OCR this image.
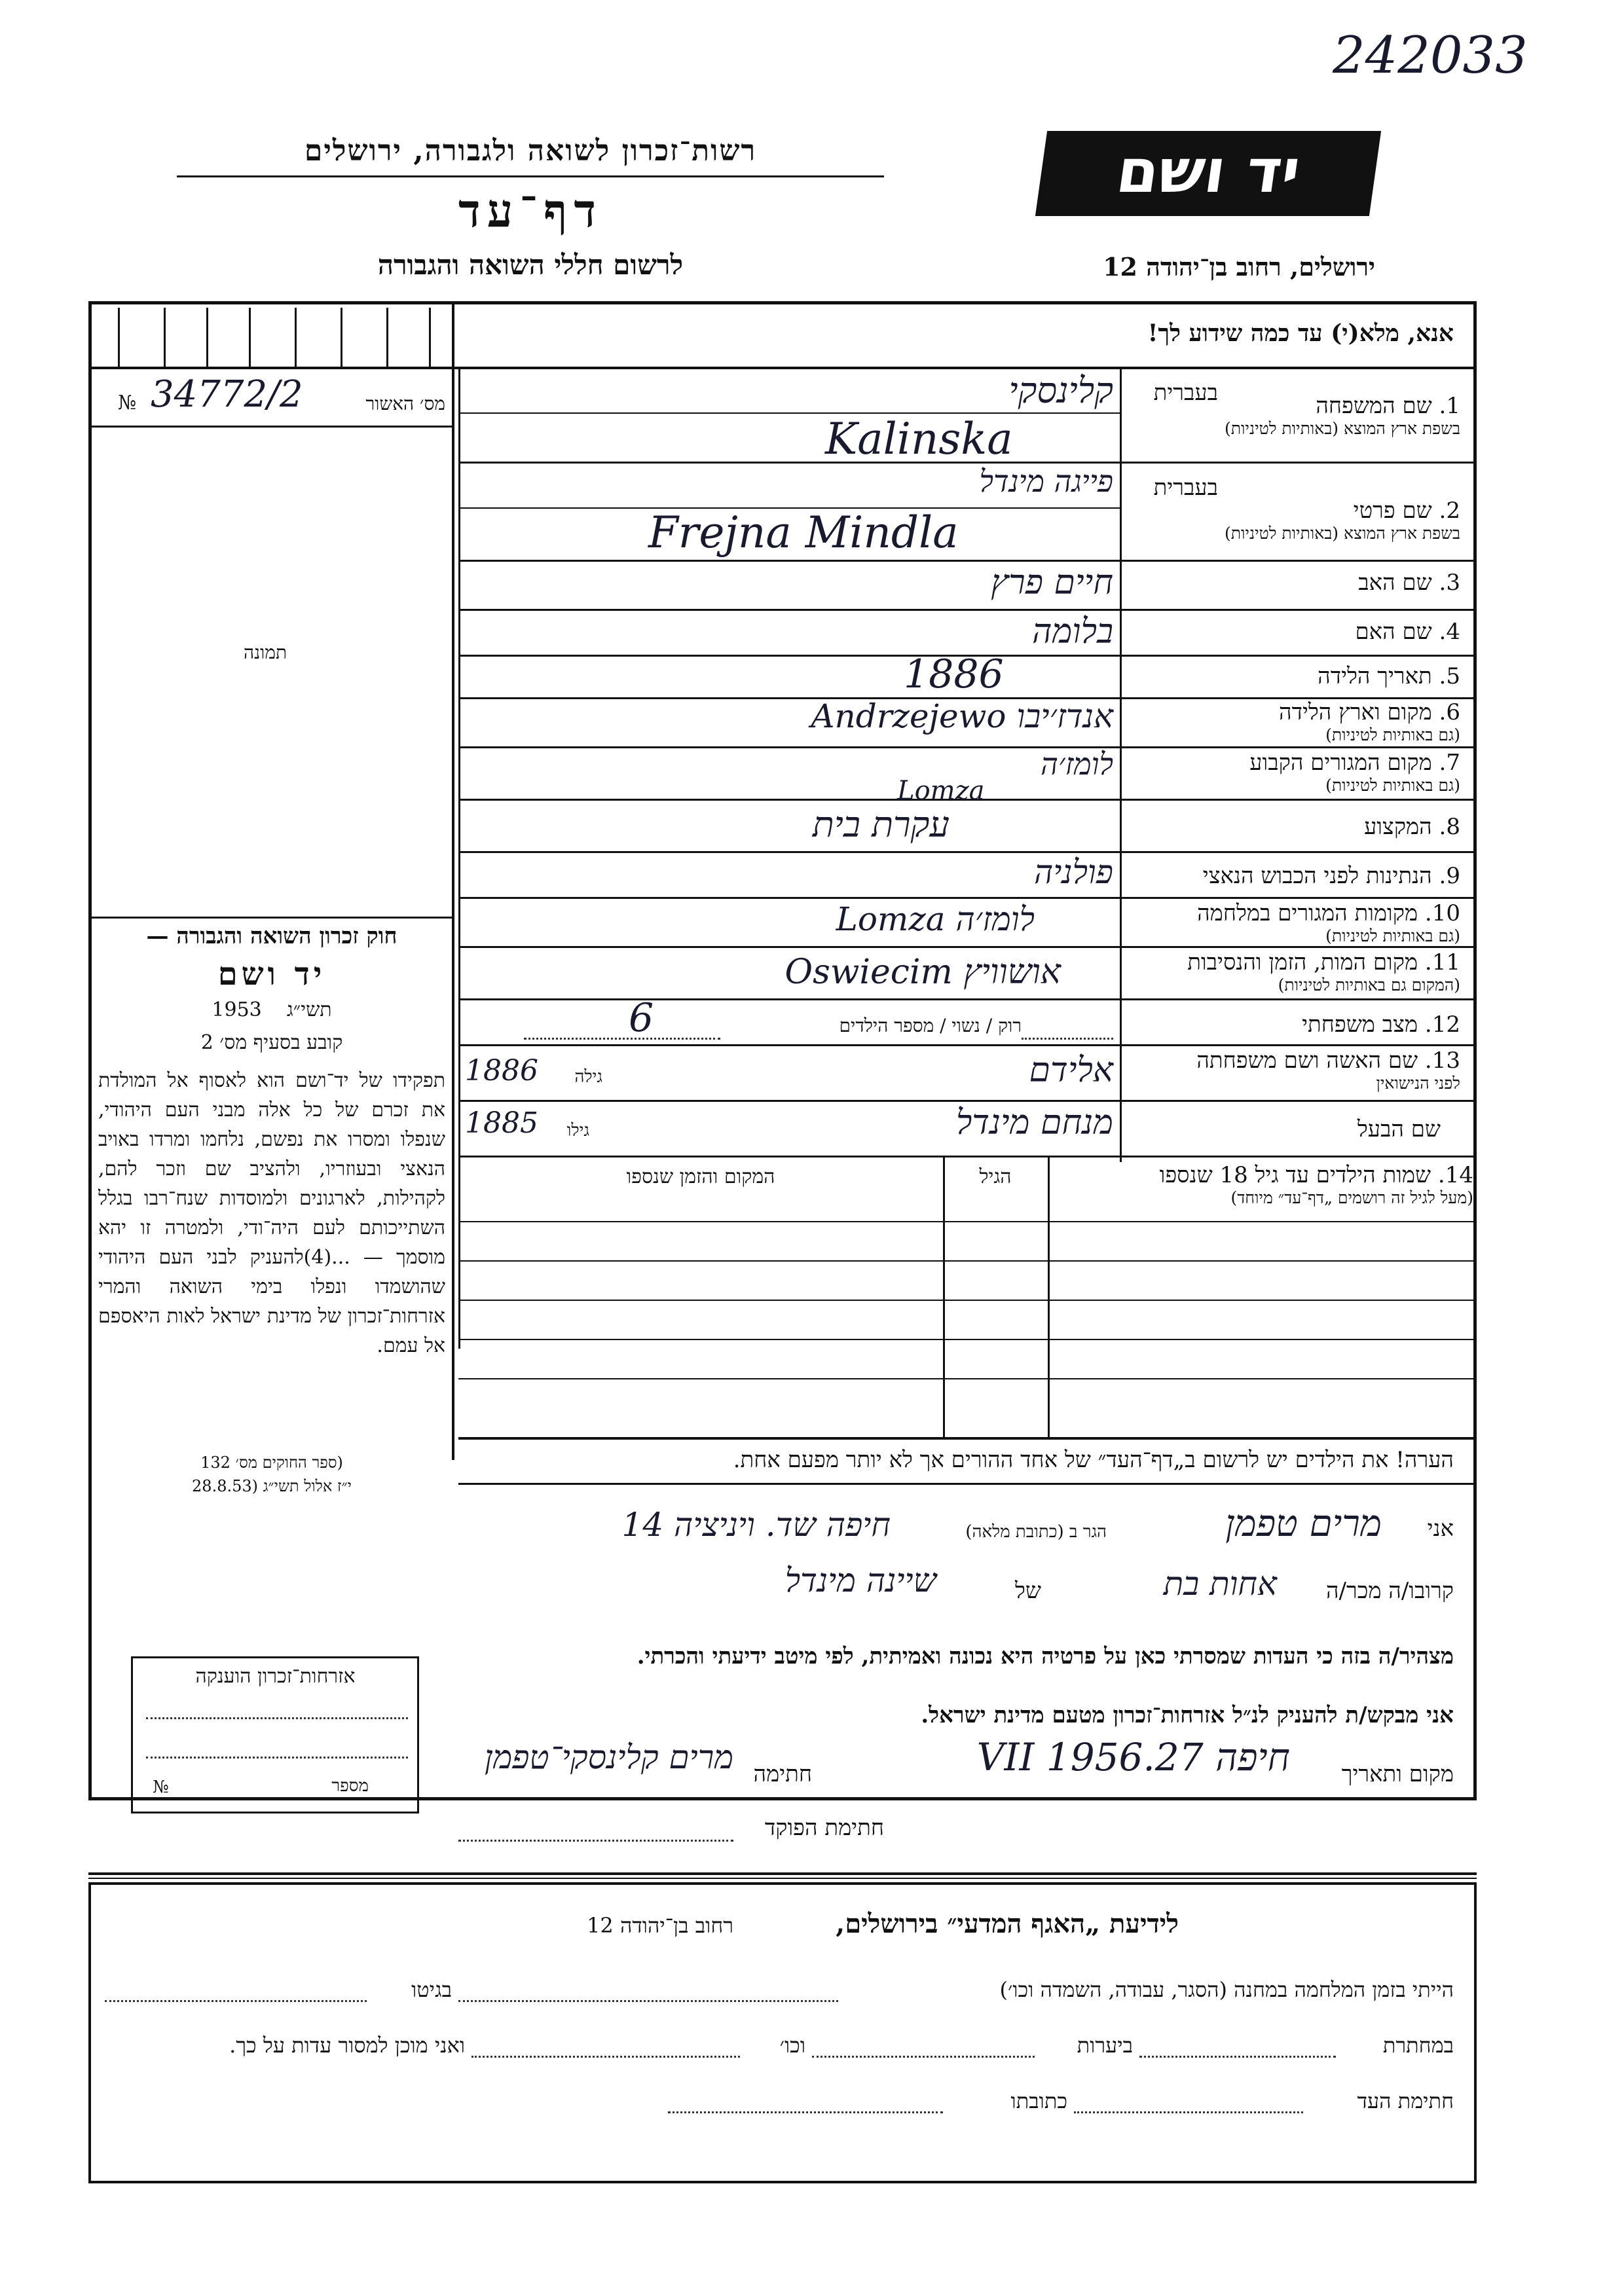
242033
יד ושם
רשות־זכרון לשואה ולגבורה, ירושלים
דף־עד
לרשום חללי השואה והגבורה	ירושלים, רחוב בן־יהודה 12
אנא, מלא(י) עד כמה שידוע לך!
№ 34772/2	מס׳ האשור
תמונה
חוק זכרון השואה והגבורה —
יד ושם
1953 תשי״ג
קובע בסעיף מס׳ 2
תפקידו של יד־ושם הוא לאסוף אל המולדת את זכרם של כל אלה מבני העם היהודי, שנפלו ומסרו את נפשם, נלחמו ומרדו באויב הנאצי ובעוזריו, ולהציב שם וזכר להם, לקהילות, לארגונים ולמוסדות שנח־רבו בגלל השתייכותם לעם היה־ודי, ולמטרה זו יהא מוסמך — ...(4)להעניק לבני העם היהודי שהושמדו ונפלו בימי השואה והמרי אזרחות־זכרון של מדינת ישראל לאות היאספם אל עמם.
(ספר החוקים מס׳ 132
י״ז אלול תשי״ג (28.8.53
אזרחות־זכרון הוענקה
מספר
№
1. שם המשפחה
בשפת ארץ המוצא (באותיות לטיניות)
בעברית
קלינסקי
Kalinska
2. שם פרטי
בשפת ארץ המוצא (באותיות לטיניות)
בעברית
פייגה מינדל
Frejna Mindla
3. שם האב
חיים פרץ
4. שם האם
בלומה
5. תאריך הלידה
1886
6. מקום וארץ הלידה
(גם באותיות לטיניות)
אנדז׳יבו Andrzejewo
7. מקום המגורים הקבוע
(גם באותיות לטיניות)
לומז׳ה
Lomza
8. המקצוע
עקרת בית
9. הנתינות לפני הכבוש הנאצי
פולניה
10. מקומות המגורים במלחמה
(גם באותיות לטיניות)
לומז׳ה Lomza
11. מקום המות, הזמן והנסיבות
(המקום גם באותיות לטיניות)
אושוויץ Oswiecim
12. מצב משפחתי
רוק / נשוי / מספר הילדים
6
13. שם האשה ושם משפחתה
לפני הנישואין
אלידם
גילה
1886
שם הבעל
מנחם מינדל
גילו
1885
14. שמות הילדים עד גיל 18 שנספו
(מעל לגיל זה רושמים „דף־עד״ מיוחד)
הגיל
המקום והזמן שנספו
הערה! את הילדים יש לרשום ב„דף־העד״ של אחד ההורים אך לא יותר מפעם אחת.
אני
מרים טפמן
הגר ב (כתובת מלאה)
חיפה שד. ויניציה 14
קרובו/ה מכר/ה
אחות בת
של
שיינה מינדל
מצהיר/ה בזה כי העדות שמסרתי כאן על פרטיה היא נכונה ואמיתית, לפי מיטב ידיעתי והכרתי.
אני מבקש/ת להעניק לנ״ל אזרחות־זכרון מטעם מדינת ישראל.
מקום ותאריך
חיפה 27.VII 1956
חתימה
מרים קלינסקי־טפמן
חתימת הפוקד
לידיעת „האגף המדעי״ בירושלים,
רחוב בן־יהודה 12
הייתי בזמן המלחמה במחנה (הסגר, עבודה, השמדה וכו׳)
בגיטו
במחתרת
ביערות
וכו׳
ואני מוכן למסור עדות על כך.
חתימת העד
כתובתו
